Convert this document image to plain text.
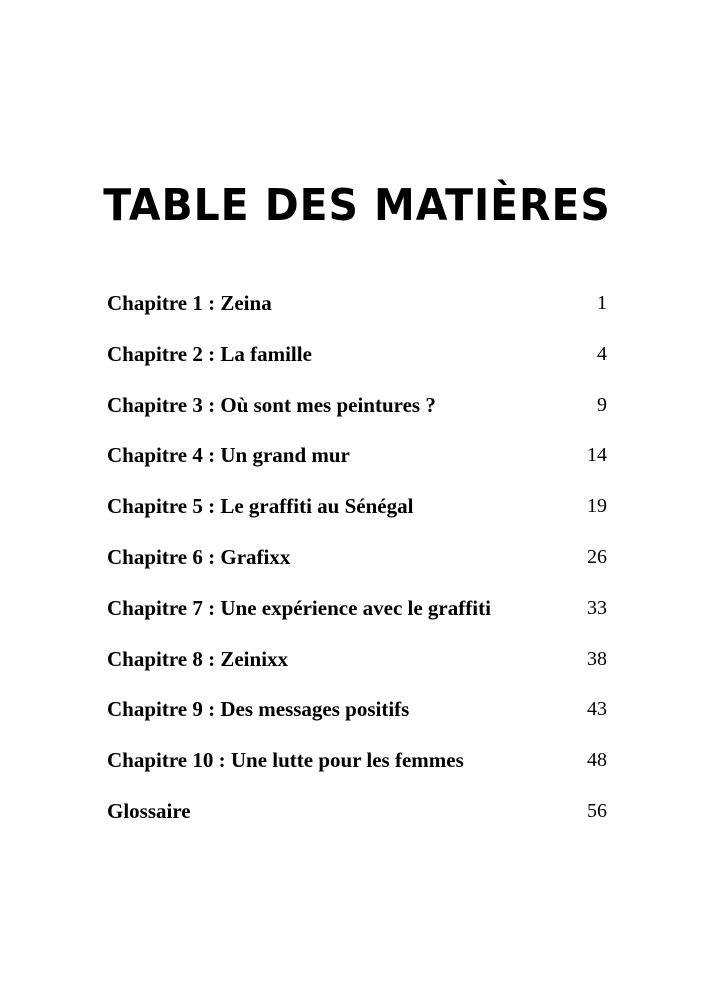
TABLE DES MATIÈRES
Chapitre 1 : Zeina	1
Chapitre 2 : La famille	4
Chapitre 3 : Où sont mes peintures ?	9
Chapitre 4 : Un grand mur	14
Chapitre 5 : Le graffiti au Sénégal	19
Chapitre 6 : Grafixx	26
Chapitre 7 : Une expérience avec le graffiti	33
Chapitre 8 : Zeinixx	38
Chapitre 9 : Des messages positifs	43
Chapitre 10 : Une lutte pour les femmes	48
Glossaire	56
